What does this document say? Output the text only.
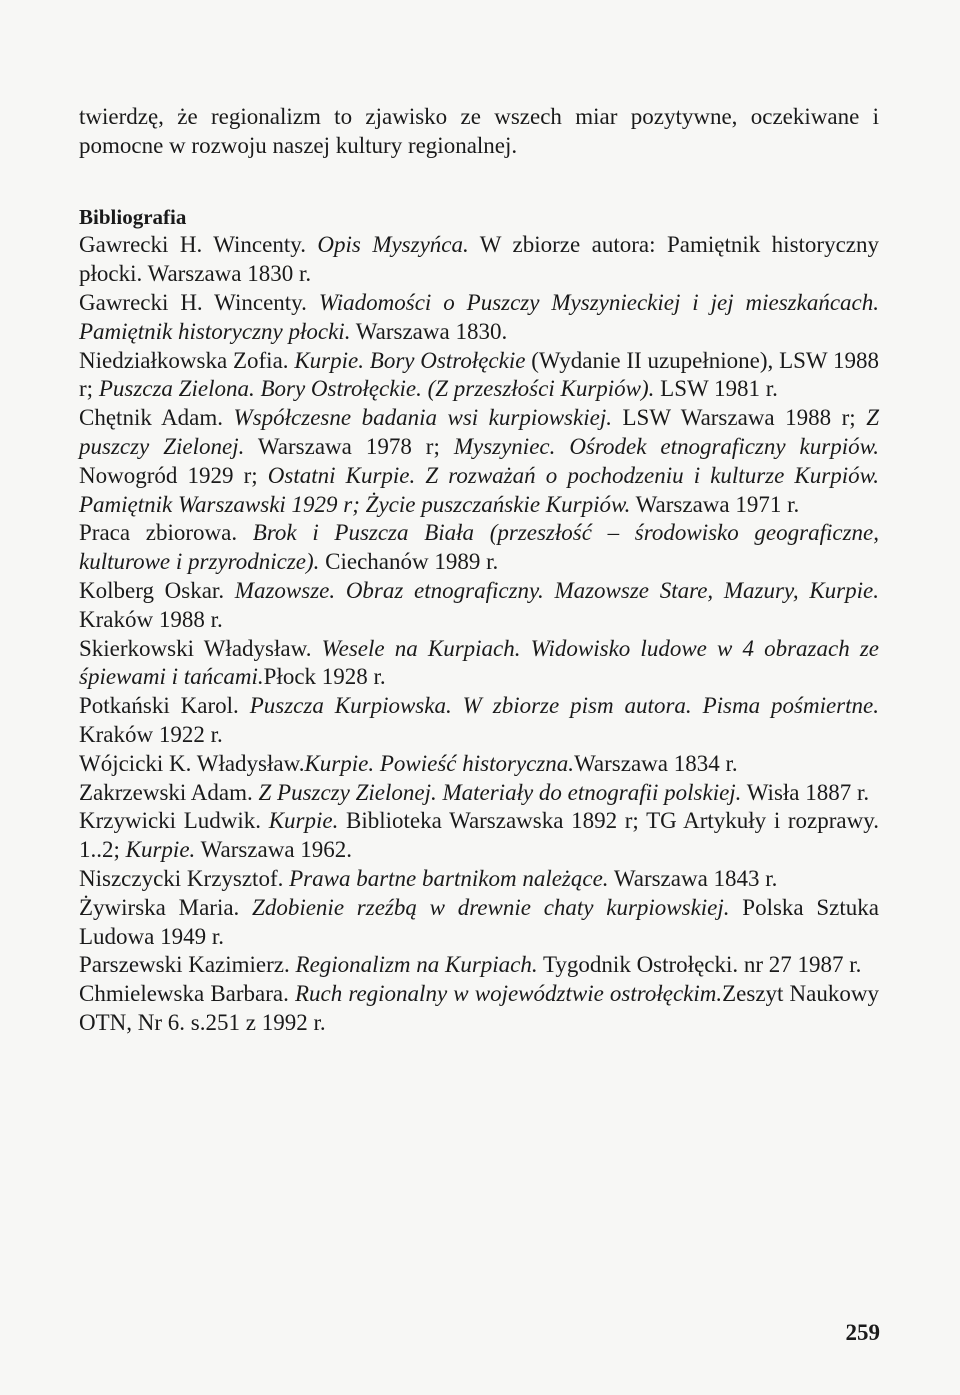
twierdzę, że regionalizm to zjawisko ze wszech miar pozytywne, oczekiwane i pomocne w rozwoju naszej kultury regionalnej.

Bibliografia

Gawrecki H. Wincenty. Opis Myszyńca. W zbiorze autora: Pamiętnik historyczny płocki. Warszawa 1830 r.

Gawrecki H. Wincenty. Wiadomości o Puszczy Myszynieckiej i jej mieszkańcach. Pamiętnik historyczny płocki. Warszawa 1830.

Niedziałkowska Zofia. Kurpie. Bory Ostrołęckie (Wydanie II uzupełnione), LSW 1988 r; Puszcza Zielona. Bory Ostrołęckie. (Z przeszłości Kurpiów). LSW 1981 r.

Chętnik Adam. Współczesne badania wsi kurpiowskiej. LSW Warszawa 1988 r; Z puszczy Zielonej. Warszawa 1978 r; Myszyniec. Ośrodek etnograficzny kurpiów. Nowogród 1929 r; Ostatni Kurpie. Z rozważań o pochodzeniu i kulturze Kurpiów. Pamiętnik Warszawski 1929 r; Życie puszczańskie Kurpiów. Warszawa 1971 r.

Praca zbiorowa. Brok i Puszcza Biała (przeszłość – środowisko geograficzne, kulturowe i przyrodnicze). Ciechanów 1989 r.

Kolberg Oskar. Mazowsze. Obraz etnograficzny. Mazowsze Stare, Mazury, Kurpie. Kraków 1988 r.

Skierkowski Władysław. Wesele na Kurpiach. Widowisko ludowe w 4 obrazach ze śpiewami i tańcami.Płock 1928 r.

Potkański Karol. Puszcza Kurpiowska. W zbiorze pism autora. Pisma pośmiertne. Kraków 1922 r.

Wójcicki K. Władysław.Kurpie. Powieść historyczna.Warszawa 1834 r.

Zakrzewski Adam. Z Puszczy Zielonej. Materiały do etnografii polskiej. Wisła 1887 r.

Krzywicki Ludwik. Kurpie. Biblioteka Warszawska 1892 r; TG Artykuły i rozprawy. 1..2; Kurpie. Warszawa 1962.

Niszczycki Krzysztof. Prawa bartne bartnikom należące. Warszawa 1843 r.

Żywirska Maria. Zdobienie rzeźbą w drewnie chaty kurpiowskiej. Polska Sztuka Ludowa 1949 r.

Parszewski Kazimierz. Regionalizm na Kurpiach. Tygodnik Ostrołęcki. nr 27 1987 r.

Chmielewska Barbara. Ruch regionalny w województwie ostrołęckim.Zeszyt Naukowy OTN, Nr 6. s.251 z 1992 r.

259
